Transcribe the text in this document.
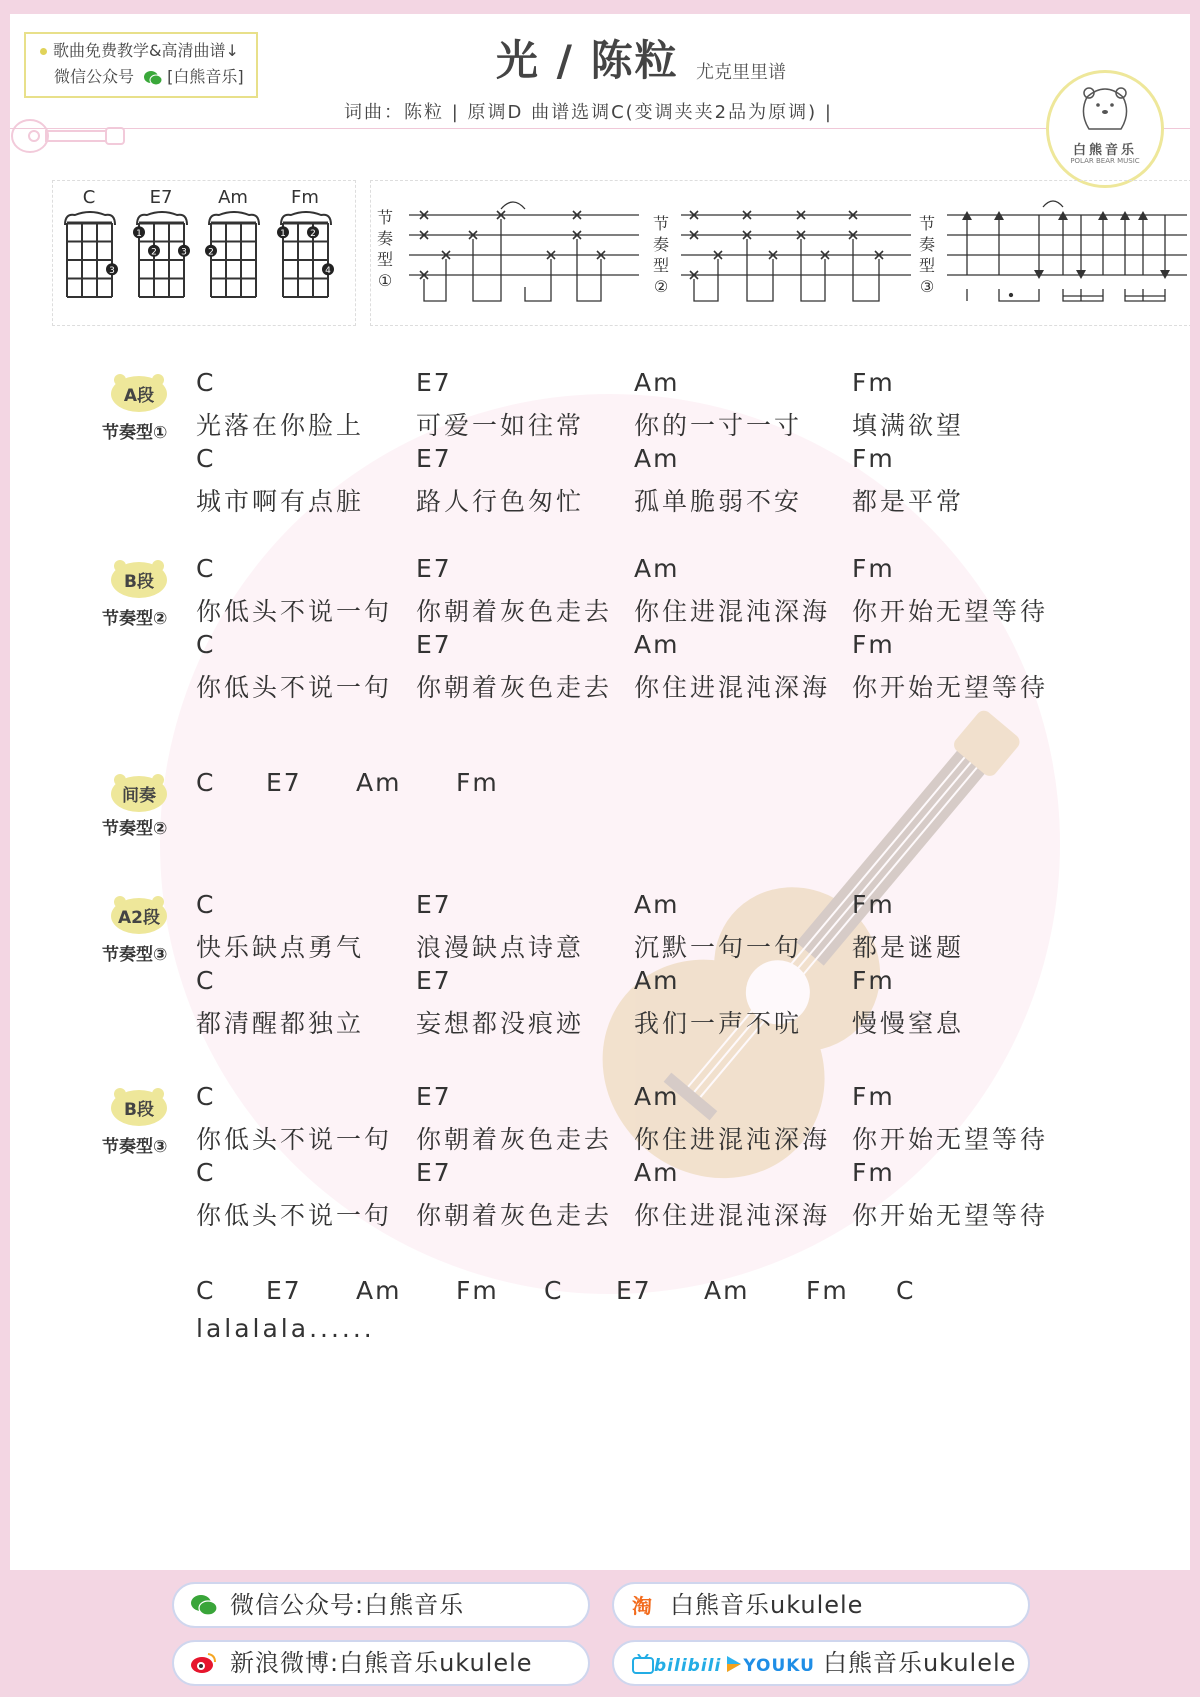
歌曲免费教学&高清曲谱↓
微信公众号 [白熊音乐]	光 / 陈粒 尤克里里谱
词曲：陈粒 | 原调D 曲谱选调C(变调夹夹2品为原调) |
白熊音乐
POLAR BEAR MUSIC
C
3
E7
1
2	3
Am
2
Fm
1	2
4
节
奏
型
①
节
奏
型
②
节
奏
型
③
A段
节奏型①
C	E7	Am	Fm
光落在你脸上 可爱一如往常 你的一寸一寸 填满欲望
C	E7	Am	Fm
城市啊有点脏 路人行色匆忙 孤单脆弱不安 都是平常
B段
节奏型②
C	E7	Am	Fm
你低头不说一句 你朝着灰色走去 你住进混沌深海 你开始无望等待
C	E7	Am	Fm
你低头不说一句 你朝着灰色走去 你住进混沌深海 你开始无望等待
间奏
节奏型②
C E7 Am Fm
A2段
节奏型③
C	E7	Am	Fm
快乐缺点勇气 浪漫缺点诗意 沉默一句一句 都是谜题
C	E7	Am	Fm
都清醒都独立 妄想都没痕迹 我们一声不吭 慢慢窒息
B段
节奏型③
C	E7	Am	Fm
你低头不说一句 你朝着灰色走去 你住进混沌深海 你开始无望等待
C	E7	Am	Fm
你低头不说一句 你朝着灰色走去 你住进混沌深海 你开始无望等待
C E7 Am Fm C E7 Am Fm C
lalalala......
微信公众号:白熊音乐	淘 白熊音乐ukulele
新浪微博:白熊音乐ukulele	bilibili YOUKU 白熊音乐ukulele
